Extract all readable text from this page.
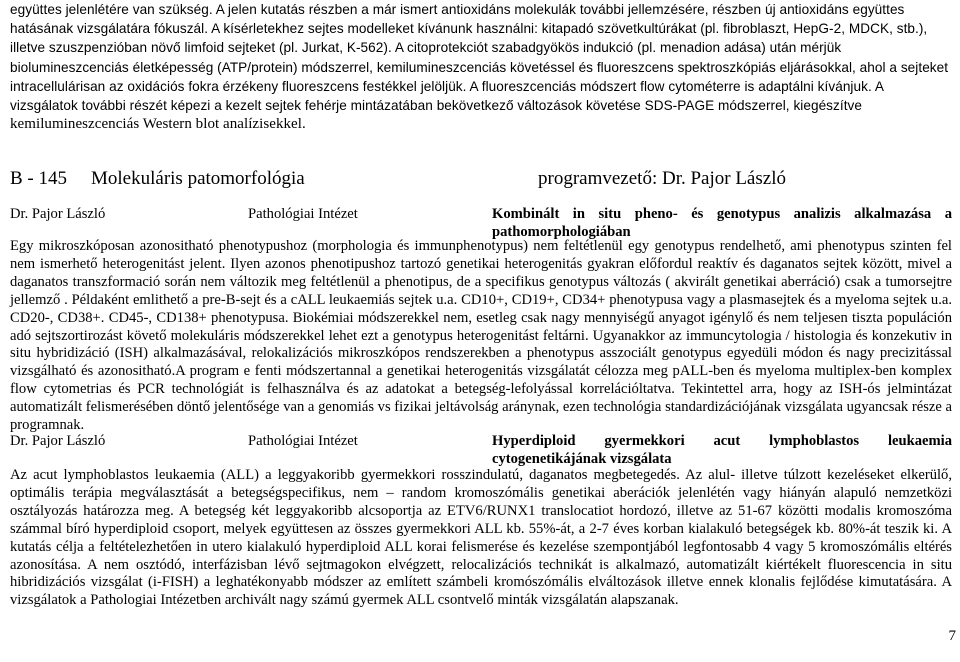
együttes jelenlétére van szükség. A jelen kutatás részben a már ismert antioxidáns molekulák további jellemzésére, részben új antioxidáns együttes
hatásának vizsgálatára fókuszál. A kísérletekhez sejtes modelleket kívánunk használni: kitapadó szövetkultúrákat (pl. fibroblaszt, HepG-2, MDCK, stb.),
illetve szuszpenzióban növő limfoid sejteket (pl. Jurkat, K-562). A citoprotekciót szabadgyökös indukció (pl. menadion adása) után mérjük
biolumineszcenciás életképesség (ATP/protein) módszerrel, kemilumineszcenciás követéssel és fluoreszcens spektroszkópiás eljárásokkal, ahol a sejteket
intracellulárisan az oxidációs fokra érzékeny fluoreszcens festékkel jelöljük. A fluoreszcenciás módszert flow cytométerre is adaptálni kívánjuk. A
vizsgálatok további részét képezi a kezelt sejtek fehérje mintázatában bekövetkező változások követése SDS-PAGE módszerrel, kiegészítve
kemilumineszcenciás Western blot analízisekkel.
B - 145 Molekuláris patomorfológia	programvezető: Dr. Pajor László
Dr. Pajor László	Pathológiai Intézet	Kombinált in situ pheno- és genotypus analizis alkalmazása a
pathomorphologiában
Egy mikroszkóposan azonositható phenotypushoz (morphologia és immunphenotypus) nem feltétlenül egy genotypus rendelhető, ami phenotypus szinten fel nem ismerhető heterogenitást jelent. Ilyen azonos phenotipushoz tartozó genetikai heterogenitás gyakran előfordul reaktív és daganatos sejtek között, mivel a daganatos transzformació során nem változik meg feltétlenül a phenotipus, de a specifikus genotypus változás ( akvirált genetikai aberráció) csak a tumorsejtre jellemző . Példaként emlithető a pre-B-sejt és a cALL leukaemiás sejtek u.a. CD10+, CD19+, CD34+ phenotypusa vagy a plasmasejtek és a myeloma sejtek u.a. CD20-, CD38+. CD45-, CD138+ phenotypusa. Biokémiai módszerekkel nem, esetleg csak nagy mennyiségű anyagot igénylő és nem teljesen tiszta populáción adó sejtszortirozást követő molekuláris módszerekkel lehet ezt a genotypus heterogenitást feltárni. Ugyanakkor az immuncytologia / histologia és konzekutiv in situ hybridizáció (ISH) alkalmazásával, relokalizációs mikroszkópos rendszerekben a phenotypus asszociált genotypus egyedüli módon és nagy precizitással vizsgálható és azonositható.A program e fenti módszertannal a genetikai heterogenitás vizsgálatát célozza meg pALL-ben és myeloma multiplex-ben komplex flow cytometrias és PCR technológiát is felhasználva és az adatokat a betegség-lefolyással korrelációltatva. Tekintettel arra, hogy az ISH-ós jelmintázat automatizált felismerésében döntő jelentősége van a genomiás vs fizikai jeltávolság aránynak, ezen technológia standardizációjának vizsgálata ugyancsak része a programnak.
Dr. Pajor László	Pathológiai Intézet	Hyperdiploid gyermekkori acut lymphoblastos leukaemia
cytogenetikájának vizsgálata
Az acut lymphoblastos leukaemia (ALL) a leggyakoribb gyermekkori rosszindulatú, daganatos megbetegedés. Az alul- illetve túlzott kezeléseket elkerülő, optimális terápia megválasztását a betegségspecifikus, nem – random kromoszómális genetikai aberációk jelenlétén vagy hiányán alapuló nemzetközi osztályozás határozza meg. A betegség két leggyakoribb alcsoportja az ETV6/RUNX1 translocatiot hordozó, illetve az 51-67 közötti modalis kromoszóma számmal bíró hyperdiploid csoport, melyek együttesen az összes gyermekkori ALL kb. 55%-át, a 2-7 éves korban kialakuló betegségek kb. 80%-át teszik ki. A kutatás célja a feltételezhetően in utero kialakuló hyperdiploid ALL korai felismerése és kezelése szempontjából legfontosabb 4 vagy 5 kromoszómális eltérés azonosítása. A nem osztódó, interfázisban lévő sejtmagokon elvégzett, relocalizációs technikát is alkalmazó, automatizált kiértékelt fluorescencia in situ hibridizációs vizsgálat (i-FISH) a leghatékonyabb módszer az említett számbeli kromószómális elváltozások illetve ennek klonalis fejlődése kimutatására. A vizsgálatok a Pathologiai Intézetben archivált nagy számú gyermek ALL csontvelő minták vizsgálatán alapszanak.
7
